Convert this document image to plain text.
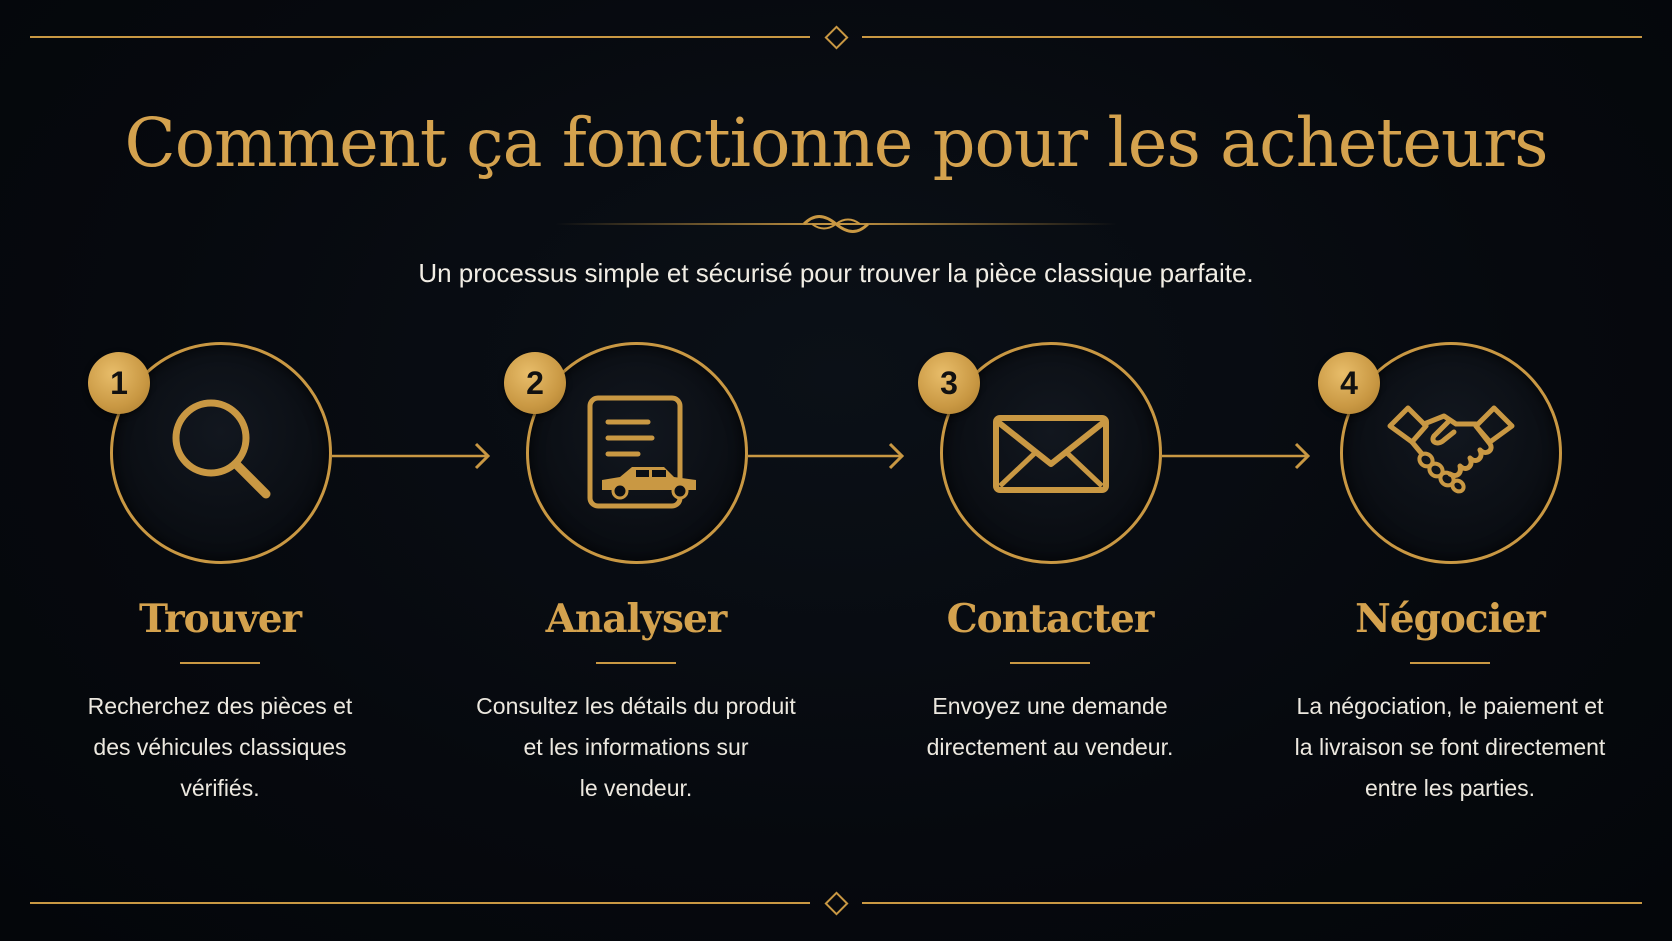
Comment ça fonctionne pour les acheteurs

Un processus simple et sécurisé pour trouver la pièce classique parfaite.

1
Trouver

Recherchez des pièces et
des véhicules classiques
vérifiés.

2
Analyser

Consultez les détails du produit
et les informations sur
le vendeur.

3
Contacter

Envoyez une demande
directement au vendeur.

4
Négocier

La négociation, le paiement et
la livraison se font directement
entre les parties.
